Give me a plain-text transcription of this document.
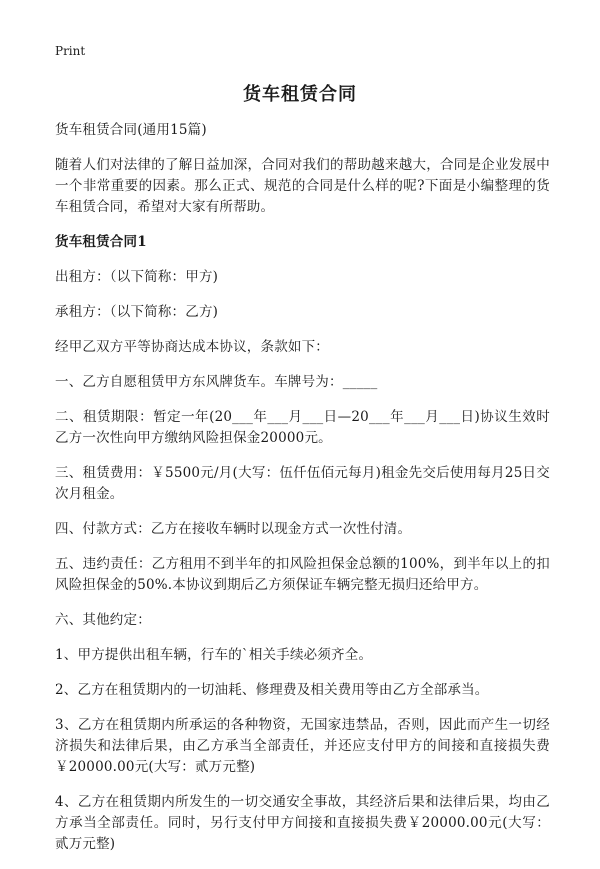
Print
货车租赁合同

货车租赁合同(通用15篇)

随着人们对法律的了解日益加深，合同对我们的帮助越来越大，合同是企业发展中一个非常重要的因素。那么正式、规范的合同是什么样的呢?下面是小编整理的货车租赁合同，希望对大家有所帮助。

货车租赁合同1

出租方：（以下简称：甲方)

承租方：（以下简称：乙方)

经甲乙双方平等协商达成本协议，条款如下：

一、乙方自愿租赁甲方东风牌货车。车牌号为：_____

二、租赁期限：暂定一年(20___年___月___日—20___年___月___日)协议生效时乙方一次性向甲方缴纳风险担保金20000元。

三、租赁费用：￥5500元/月(大写：伍仟伍佰元每月)租金先交后使用每月25日交次月租金。

四、付款方式：乙方在接收车辆时以现金方式一次性付清。

五、违约责任：乙方租用不到半年的扣风险担保金总额的100%，到半年以上的扣风险担保金的50%.本协议到期后乙方须保证车辆完整无损归还给甲方。

六、其他约定：

1、甲方提供出租车辆，行车的`相关手续必须齐全。

2、乙方在租赁期内的一切油耗、修理费及相关费用等由乙方全部承当。

3、乙方在租赁期内所承运的各种物资，无国家违禁品，否则，因此而产生一切经济损失和法律后果，由乙方承当全部责任，并还应支付甲方的间接和直接损失费￥20000.00元(大写：贰万元整)

4、乙方在租赁期内所发生的一切交通安全事故，其经济后果和法律后果，均由乙方承当全部责任。同时，另行支付甲方间接和直接损失费￥20000.00元(大写：贰万元整)
